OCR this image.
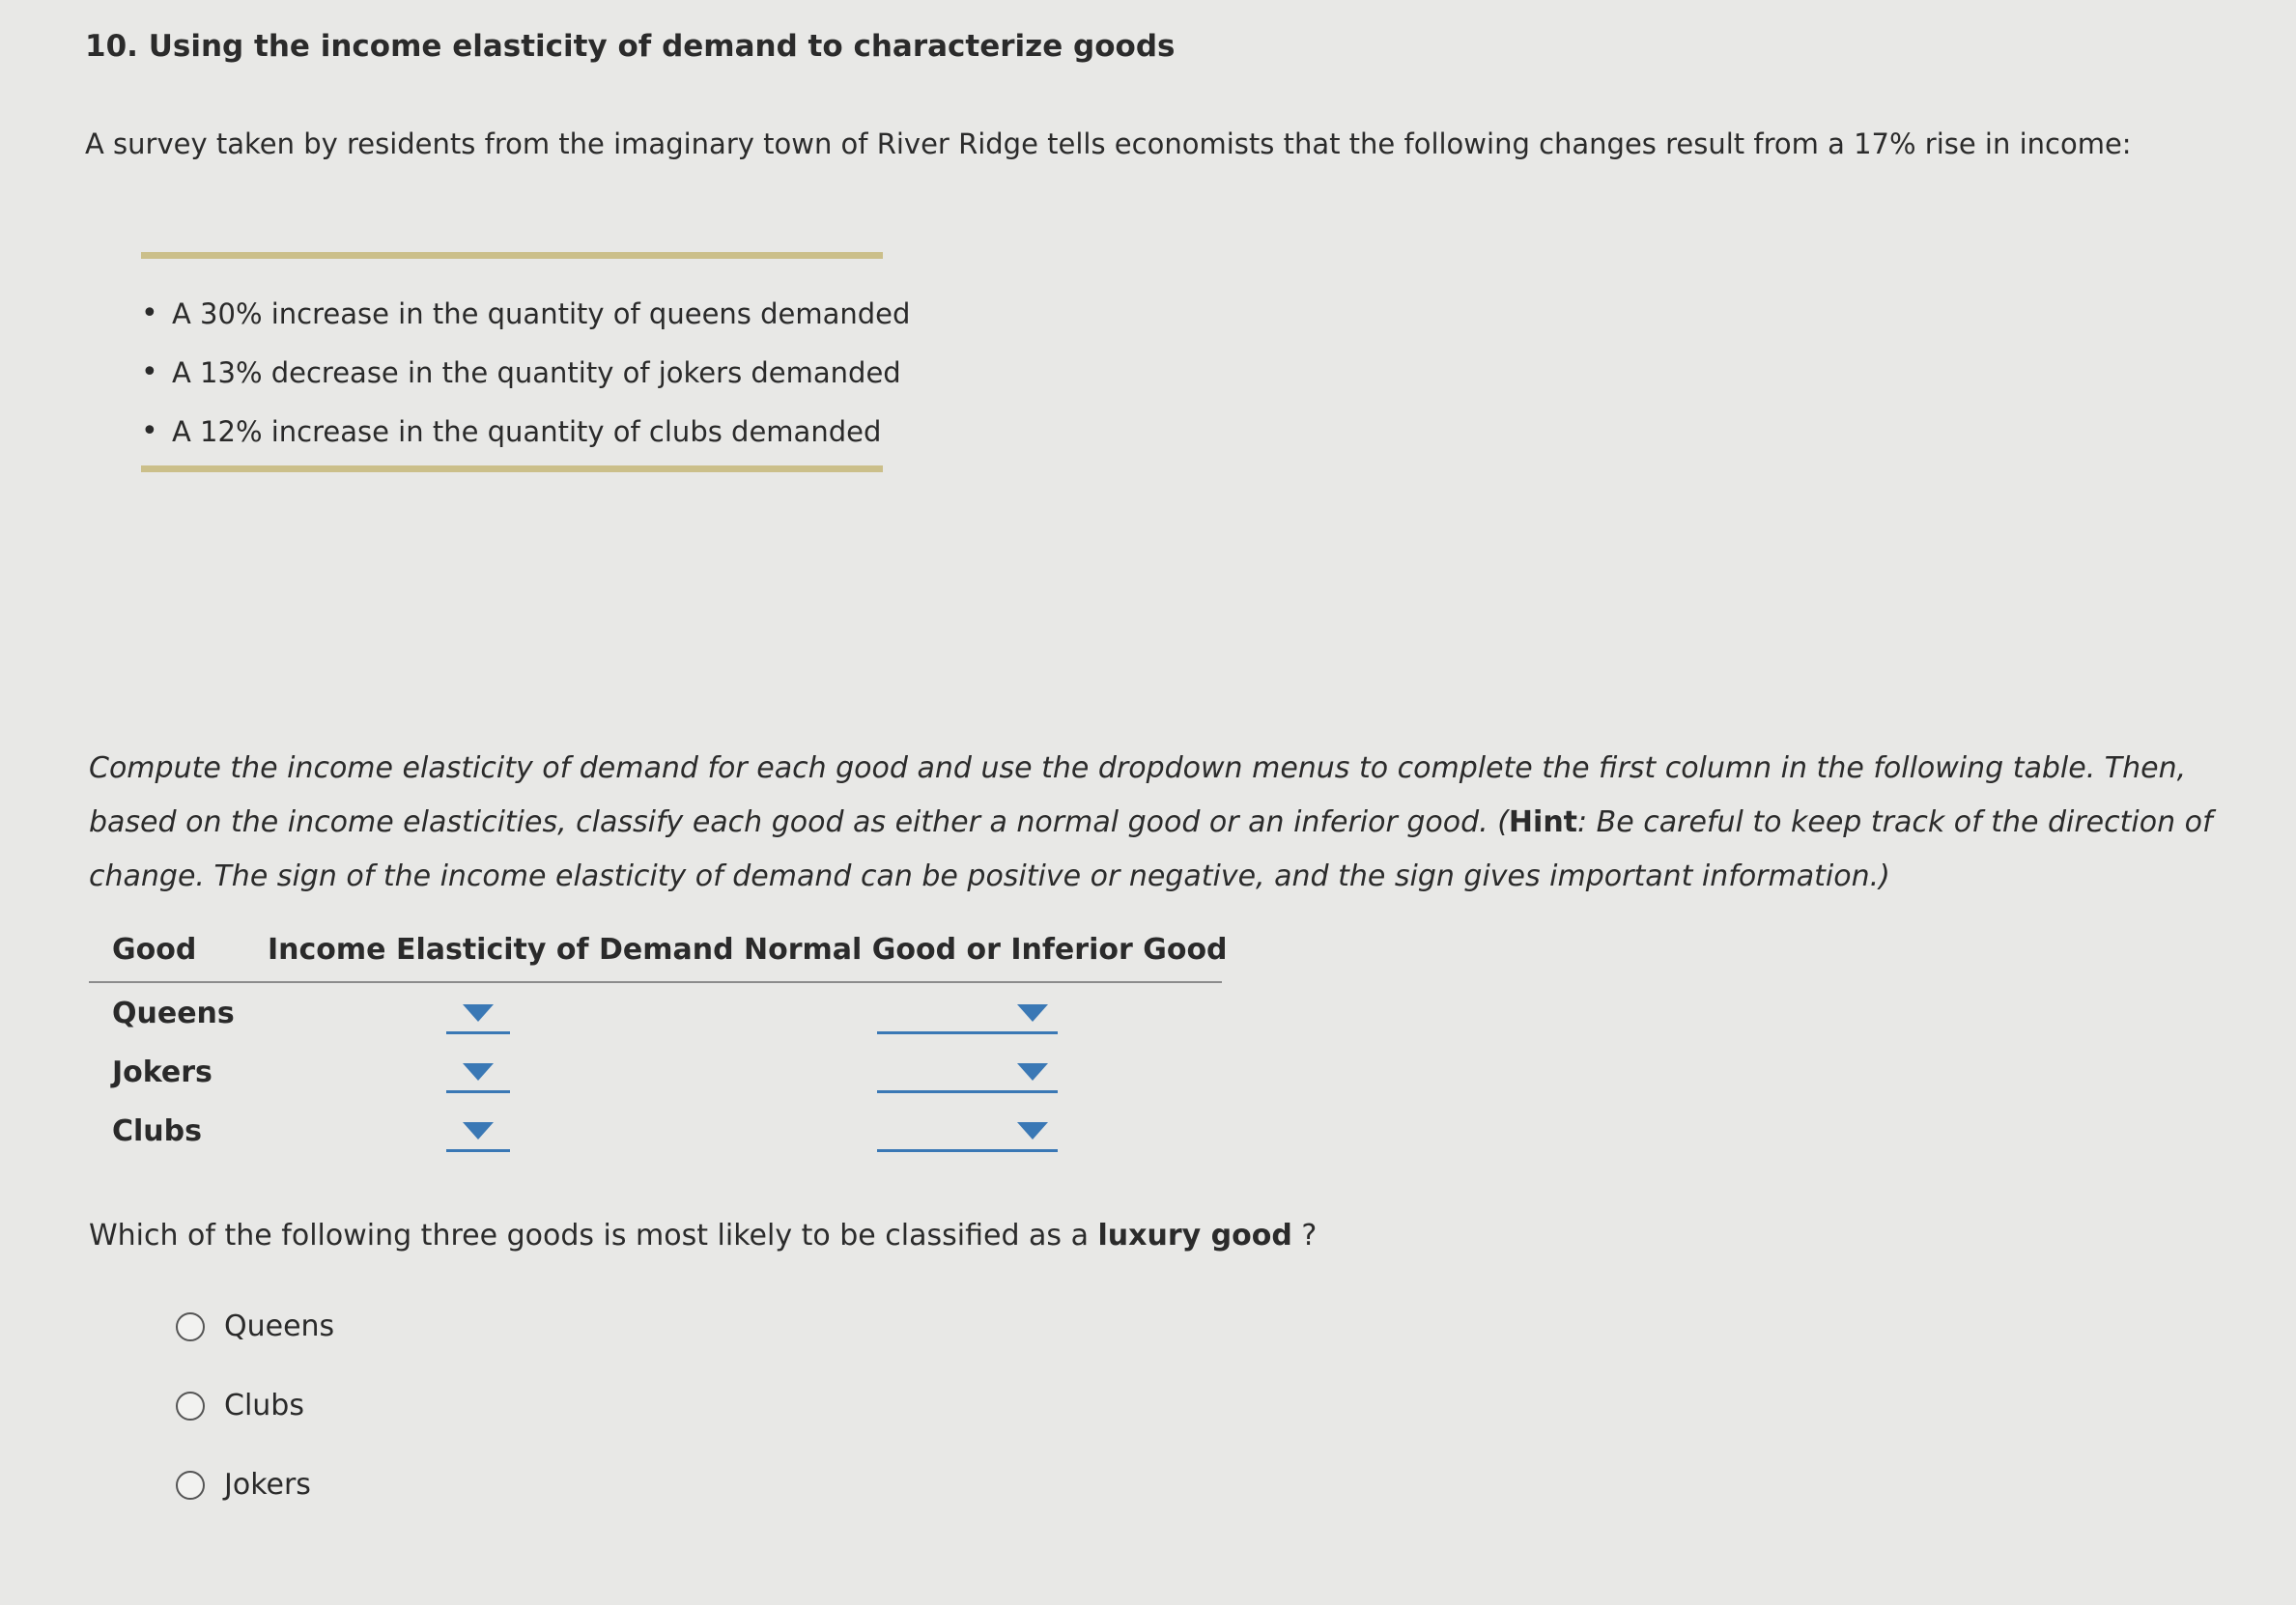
10. Using the income elasticity of demand to characterize goods
A survey taken by residents from the imaginary town of River Ridge tells economists that the following changes result from a 17% rise in income:
• A 30% increase in the quantity of queens demanded
• A 13% decrease in the quantity of jokers demanded
• A 12% increase in the quantity of clubs demanded
Compute the income elasticity of demand for each good and use the dropdown menus to complete the first column in the following table. Then, based on the income elasticities, classify each good as either a normal good or an inferior good. (Hint: Be careful to keep track of the direction of change. The sign of the income elasticity of demand can be positive or negative, and the sign gives important information.)
Good Income Elasticity of Demand Normal Good or Inferior Good
Queens
Jokers
Clubs
Which of the following three goods is most likely to be classified as a luxury good ?
Queens
Clubs
Jokers
